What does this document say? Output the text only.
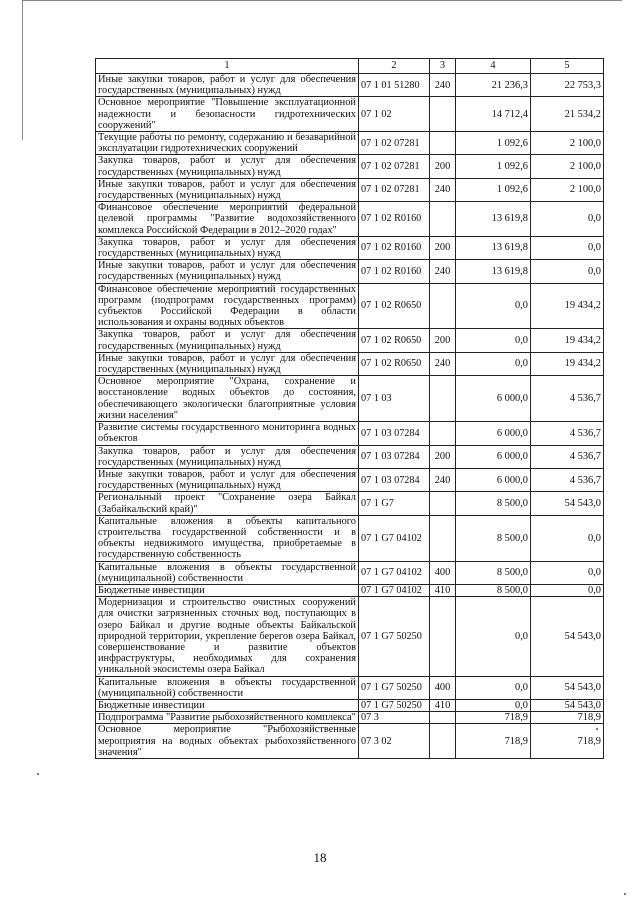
1	2	3	4	5
Иные закупки товаров, работ и услуг для обеспечения государственных (муниципальных) нужд	07 1 01 51280	240	21 236,3	22 753,3
Основное мероприятие "Повышение эксплуатационной надежности и безопасности гидротехнических сооружений"	07 1 02		14 712,4	21 534,2
Текущие работы по ремонту, содержанию и безаварийной эксплуатации гидротехнических сооружений	07 1 02 07281		1 092,6	2 100,0
Закупка товаров, работ и услуг для обеспечения государственных (муниципальных) нужд	07 1 02 07281	200	1 092,6	2 100,0
Иные закупки товаров, работ и услуг для обеспечения государственных (муниципальных) нужд	07 1 02 07281	240	1 092,6	2 100,0
Финансовое обеспечение мероприятий федеральной целевой программы "Развитие водохозяйственного комплекса Российской Федерации в 2012–2020 годах"	07 1 02 R0160		13 619,8	0,0
Закупка товаров, работ и услуг для обеспечения государственных (муниципальных) нужд	07 1 02 R0160	200	13 619,8	0,0
Иные закупки товаров, работ и услуг для обеспечения государственных (муниципальных) нужд	07 1 02 R0160	240	13 619,8	0,0
Финансовое обеспечение мероприятий государственных программ (подпрограмм государственных программ) субъектов Российской Федерации в области использования и охраны водных объектов	07 1 02 R0650		0,0	19 434,2
Закупка товаров, работ и услуг для обеспечения государственных (муниципальных) нужд	07 1 02 R0650	200	0,0	19 434,2
Иные закупки товаров, работ и услуг для обеспечения государственных (муниципальных) нужд	07 1 02 R0650	240	0,0	19 434,2
Основное мероприятие "Охрана, сохранение и восстановление водных объектов до состояния, обеспечивающего экологически благоприятные условия жизни населения"	07 1 03		6 000,0	4 536,7
Развитие системы государственного мониторинга водных объектов	07 1 03 07284		6 000,0	4 536,7
Закупка товаров, работ и услуг для обеспечения государственных (муниципальных) нужд	07 1 03 07284	200	6 000,0	4 536,7
Иные закупки товаров, работ и услуг для обеспечения государственных (муниципальных) нужд	07 1 03 07284	240	6 000,0	4 536,7
Региональный проект "Сохранение озера Байкал (Забайкальский край)"	07 1 G7		8 500,0	54 543,0
Капитальные вложения в объекты капитального строительства государственной собственности и в объекты недвижимого имущества, приобретаемые в государственную собственность	07 1 G7 04102		8 500,0	0,0
Капитальные вложения в объекты государственной (муниципальной) собственности	07 1 G7 04102	400	8 500,0	0,0
Бюджетные инвестиции	07 1 G7 04102	410	8 500,0	0,0
Модернизация и строительство очистных сооружений для очистки загрязненных сточных вод, поступающих в озеро Байкал и другие водные объекты Байкальской природной территории, укрепление берегов озера Байкал, совершенствование и развитие объектов инфраструктуры, необходимых для сохранения уникальной экосистемы озера Байкал	07 1 G7 50250		0,0	54 543,0
Капитальные вложения в объекты государственной (муниципальной) собственности	07 1 G7 50250	400	0,0	54 543,0
Бюджетные инвестиции	07 1 G7 50250	410	0,0	54 543,0
Подпрограмма "Развитие рыбохозяйственного комплекса"	07 3		718,9	718,9
Основное мероприятие "Рыбохозяйственные мероприятия на водных объектах рыбохозяйственного значения"	07 3 02		718,9	718,9
18
